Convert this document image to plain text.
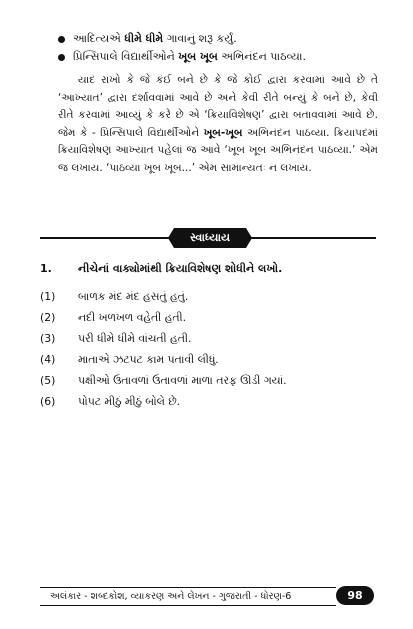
આદિત્યએ ધીમે ધીમે ગાવાનું શરૂ કર્યું.
પ્રિન્સિપાલે વિદ્યાર્થીઓને ખૂબ ખૂબ અભિનંદન પાઠવ્યા.
યાદ રાખો કે જે કંઈ બને છે કે જે કોઈ દ્વારા કરવામાં આવે છે તે ‘આખ્યાત’ દ્વારા દર્શાવવામાં આવે છે અને કેવી રીતે બન્યું કે બને છે, કેવી રીતે કરવામાં આવ્યું કે કરે છે એ ‘ક્રિયાવિશેષણ’ દ્વારા બતાવવામાં આવે છે. જેમ કે - પ્રિન્સિપાલે વિદ્યાર્થીઓને ખૂબ-ખૂબ અભિનંદન પાઠવ્યા. ક્રિયાપદમાં ક્રિયાવિશેષણ આખ્યાત પહેલાં જ આવે ‘ખૂબ ખૂબ અભિનંદન પાઠવ્યા.’ એમ જ લખાય. ‘પાઠવ્યા ખૂબ ખૂબ...’ એમ સામાન્યતઃ ન લખાય.
સ્વાધ્યાય
1.	નીચેનાં વાક્યોમાંથી ક્રિયાવિશેષણ શોધીને લખો.
(1)	બાળક મંદ મંદ હસતું હતું.
(2)	નદી ખળખળ વહેતી હતી.
(3)	પરી ધીમે ધીમે વાંચતી હતી.
(4)	માતાએ ઝટપટ કામ પતાવી લીધું.
(5)	પક્ષીઓ ઉતાવળાં ઉતાવળાં માળા તરફ ઊડી ગયાં.
(6)	પોપટ મીઠું મીઠું બોલે છે.
અલંકાર - શબ્દકોશ, વ્યાકરણ અને લેખન - ગુજરાતી - ધોરણ-6	98
